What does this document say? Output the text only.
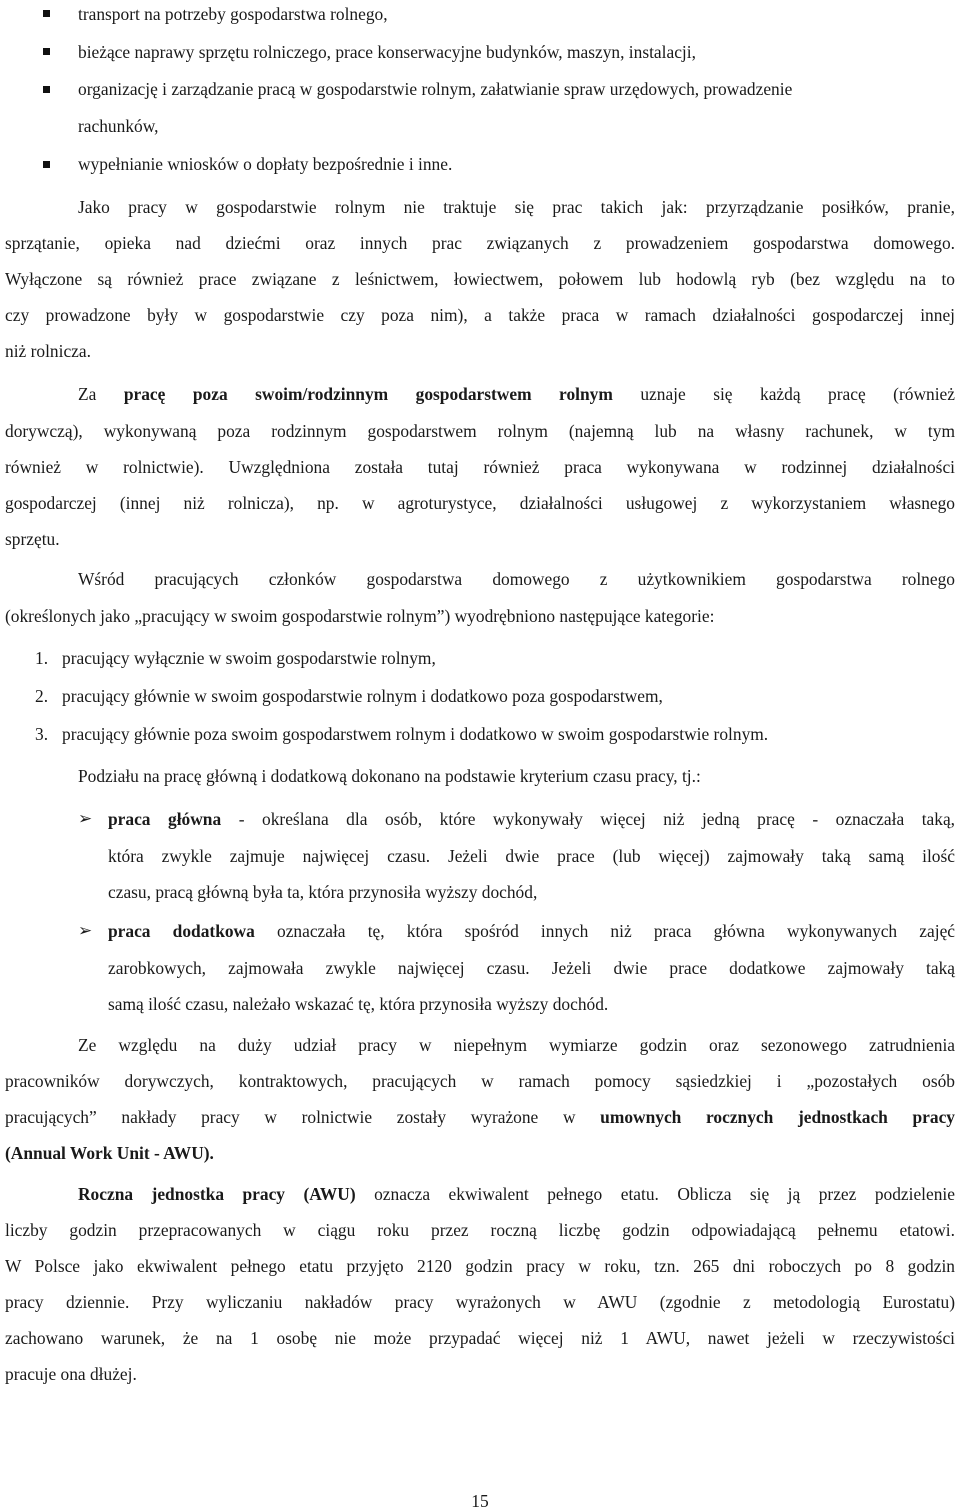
transport na potrzeby gospodarstwa rolnego,
bieżące naprawy sprzętu rolniczego, prace konserwacyjne budynków, maszyn, instalacji,
organizację i zarządzanie pracą w gospodarstwie rolnym, załatwianie spraw urzędowych, prowadzenie
rachunków,
wypełnianie wniosków o dopłaty bezpośrednie i inne.
Jako pracy w gospodarstwie rolnym nie traktuje się prac takich jak: przyrządzanie posiłków, pranie,
sprzątanie, opieka nad dziećmi oraz innych prac związanych z prowadzeniem gospodarstwa domowego.
Wyłączone są również prace związane z leśnictwem, łowiectwem, połowem lub hodowlą ryb (bez względu na to
czy prowadzone były w gospodarstwie czy poza nim), a także praca w ramach działalności gospodarczej innej
niż rolnicza.
Za pracę poza swoim/rodzinnym gospodarstwem rolnym uznaje się każdą pracę (również
dorywczą), wykonywaną poza rodzinnym gospodarstwem rolnym (najemną lub na własny rachunek, w tym
również w rolnictwie). Uwzględniona została tutaj również praca wykonywana w rodzinnej działalności
gospodarczej (innej niż rolnicza), np. w agroturystyce, działalności usługowej z wykorzystaniem własnego
sprzętu.
Wśród pracujących członków gospodarstwa domowego z użytkownikiem gospodarstwa rolnego
(określonych jako „pracujący w swoim gospodarstwie rolnym”) wyodrębniono następujące kategorie:
1. pracujący wyłącznie w swoim gospodarstwie rolnym,
2. pracujący głównie w swoim gospodarstwie rolnym i dodatkowo poza gospodarstwem,
3. pracujący głównie poza swoim gospodarstwem rolnym i dodatkowo w swoim gospodarstwie rolnym.
Podziału na pracę główną i dodatkową dokonano na podstawie kryterium czasu pracy, tj.:
➢ praca główna - określana dla osób, które wykonywały więcej niż jedną pracę - oznaczała taką,
która zwykle zajmuje najwięcej czasu. Jeżeli dwie prace (lub więcej) zajmowały taką samą ilość
czasu, pracą główną była ta, która przynosiła wyższy dochód,
➢ praca dodatkowa oznaczała tę, która spośród innych niż praca główna wykonywanych zajęć
zarobkowych, zajmowała zwykle najwięcej czasu. Jeżeli dwie prace dodatkowe zajmowały taką
samą ilość czasu, należało wskazać tę, która przynosiła wyższy dochód.
Ze względu na duży udział pracy w niepełnym wymiarze godzin oraz sezonowego zatrudnienia
pracowników dorywczych, kontraktowych, pracujących w ramach pomocy sąsiedzkiej i „pozostałych osób
pracujących” nakłady pracy w rolnictwie zostały wyrażone w umownych rocznych jednostkach pracy
(Annual Work Unit - AWU).
Roczna jednostka pracy (AWU) oznacza ekwiwalent pełnego etatu. Oblicza się ją przez podzielenie
liczby godzin przepracowanych w ciągu roku przez roczną liczbę godzin odpowiadającą pełnemu etatowi.
W Polsce jako ekwiwalent pełnego etatu przyjęto 2120 godzin pracy w roku, tzn. 265 dni roboczych po 8 godzin
pracy dziennie. Przy wyliczaniu nakładów pracy wyrażonych w AWU (zgodnie z metodologią Eurostatu)
zachowano warunek, że na 1 osobę nie może przypadać więcej niż 1 AWU, nawet jeżeli w rzeczywistości
pracuje ona dłużej.
15
